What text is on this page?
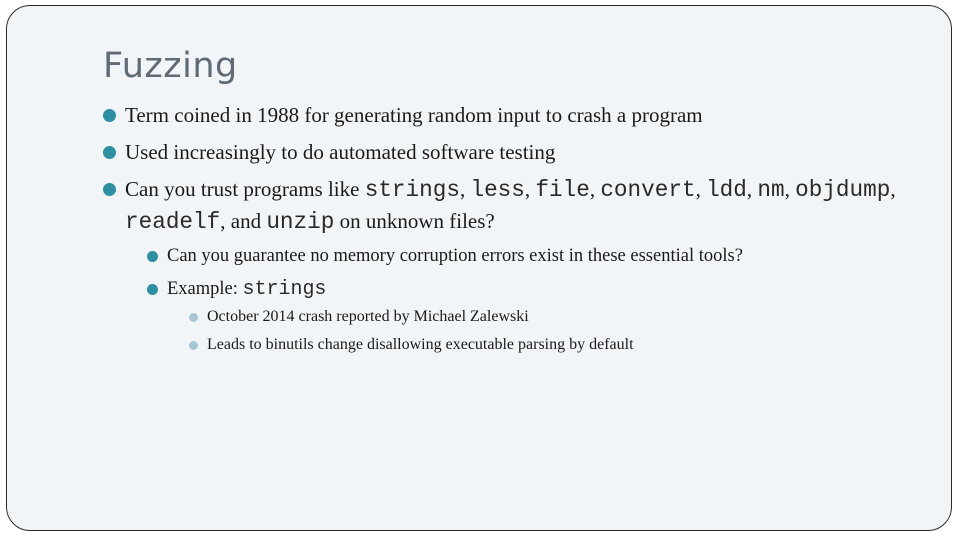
Fuzzing
Term coined in 1988 for generating random input to crash a program
Used increasingly to do automated software testing
Can you trust programs like strings, less, file, convert, ldd, nm, objdump, readelf, and unzip on unknown files?
Can you guarantee no memory corruption errors exist in these essential tools?
Example: strings
October 2014 crash reported by Michael Zalewski
Leads to binutils change disallowing executable parsing by default
